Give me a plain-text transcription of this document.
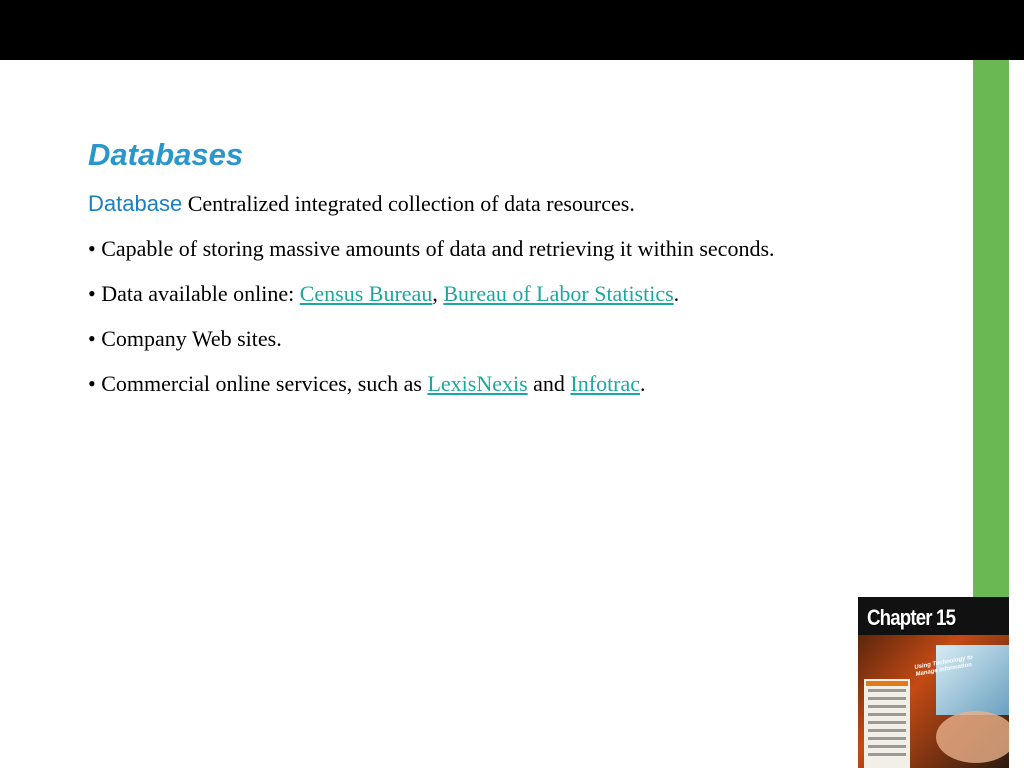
Databases
Database Centralized integrated collection of data resources.
• Capable of storing massive amounts of data and retrieving it within seconds.
• Data available online: Census Bureau, Bureau of Labor Statistics.
• Company Web sites.
• Commercial online services, such as LexisNexis and Infotrac.
Chapter 15
Using Technology to Manage Information
